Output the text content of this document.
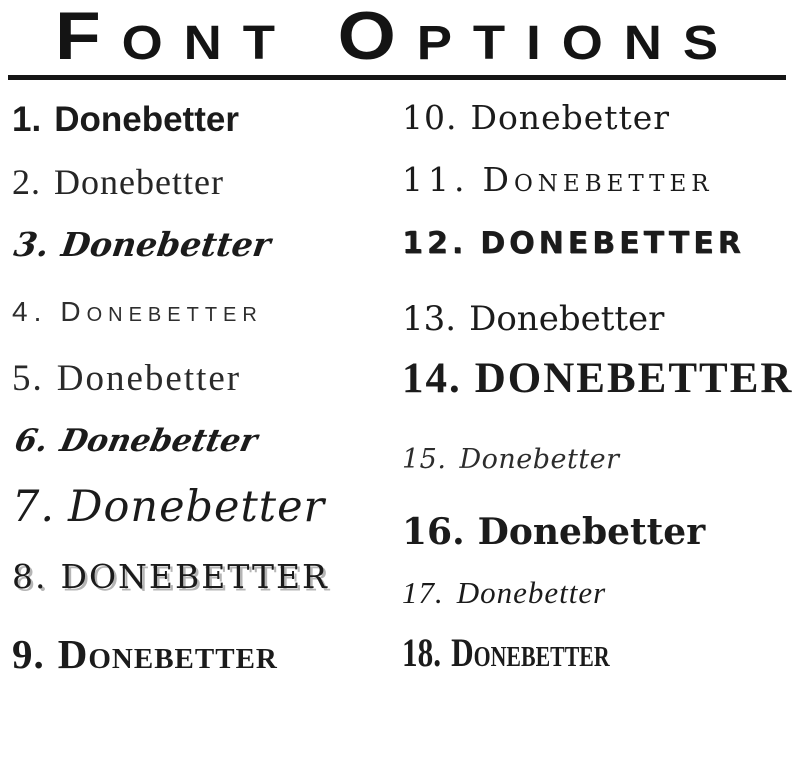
Font Options
1. Donebetter
2. Donebetter
3. Donebetter
4. Donebetter
5. Donebetter
6. Donebetter
7. Donebetter
8. DONEBETTER
9. Donebetter
10. Donebetter
11. Donebetter
12. DONEBETTER
13. Donebetter
14. DONEBETTER
15. Donebetter
16. Donebetter
17. Donebetter
18. Donebetter
